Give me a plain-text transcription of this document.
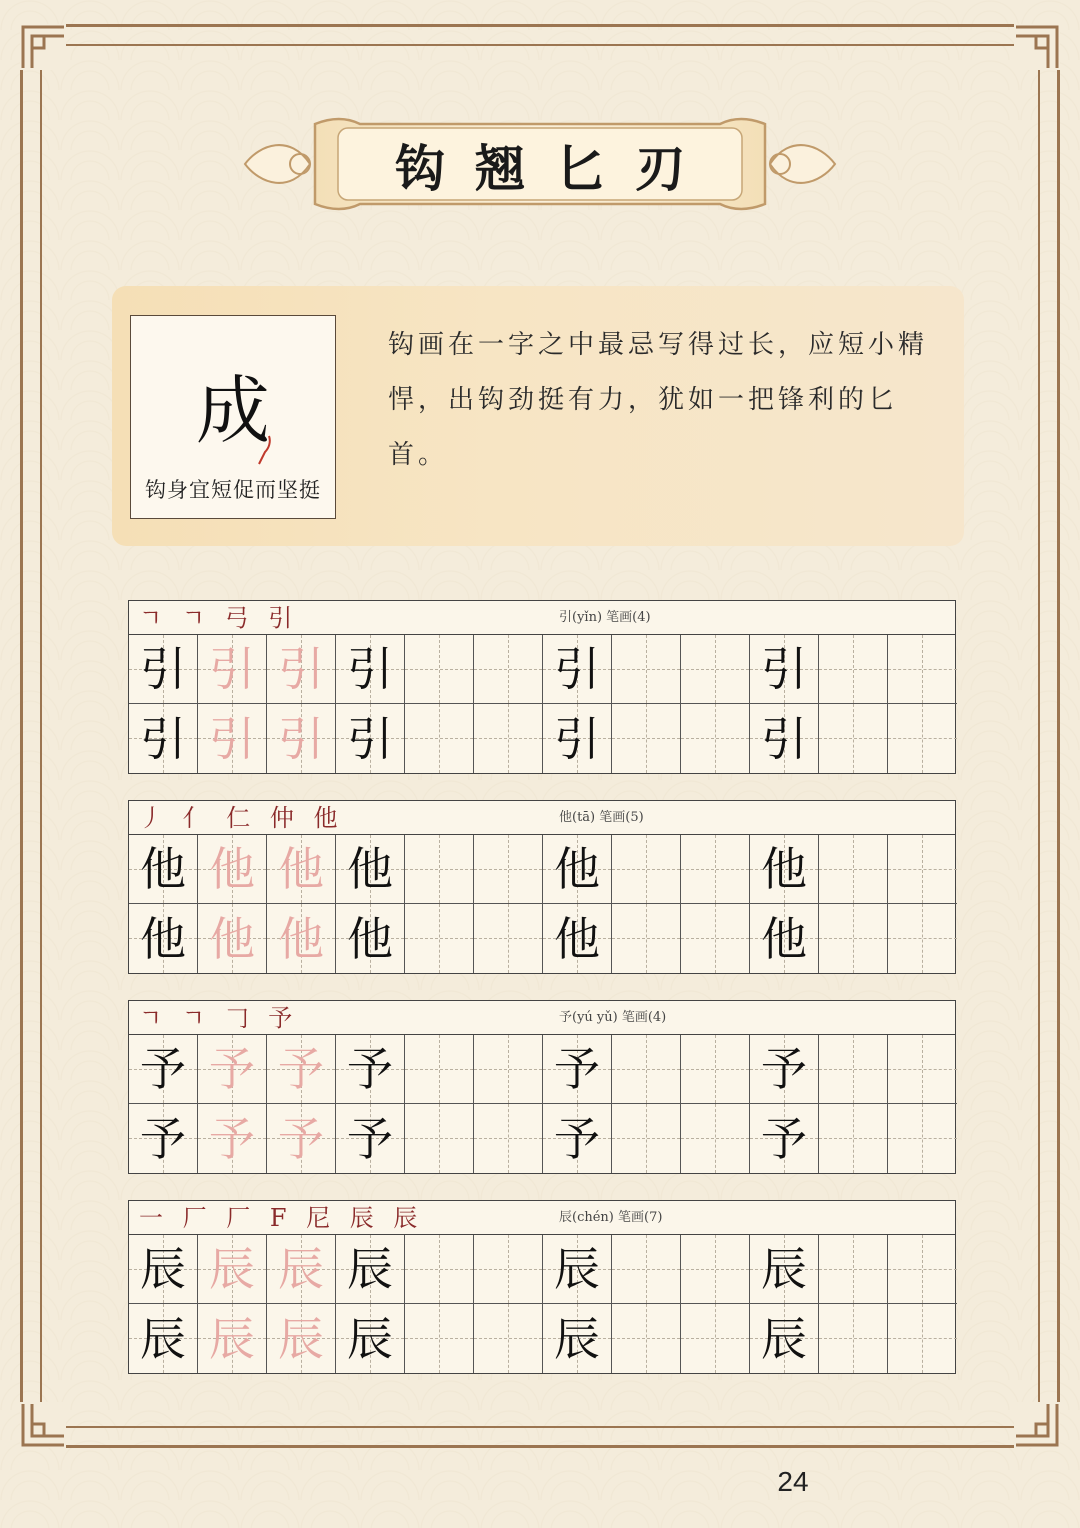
钩翘匕刃
成
钩身宜短促而坚挺
钩画在一字之中最忌写得过长，应短小精悍，出钩劲挺有力，犹如一把锋利的匕首。
ㄱ ㄱ 弓 引	引(yǐn) 笔画(4)
引 引 引 引	引	引
引 引 引 引	引	引
丿 亻 仁 仲 他	他(tā) 笔画(5)
他 他 他 他	他	他
他 他 他 他	他	他
ㄱ ㄱ 𠃌 予	予(yú yǔ) 笔画(4)
予 予 予 予	予	予
予 予 予 予	予	予
一 厂 厂 F 尼 辰 辰	辰(chén) 笔画(7)
辰 辰 辰 辰	辰	辰
辰 辰 辰 辰	辰	辰
24
